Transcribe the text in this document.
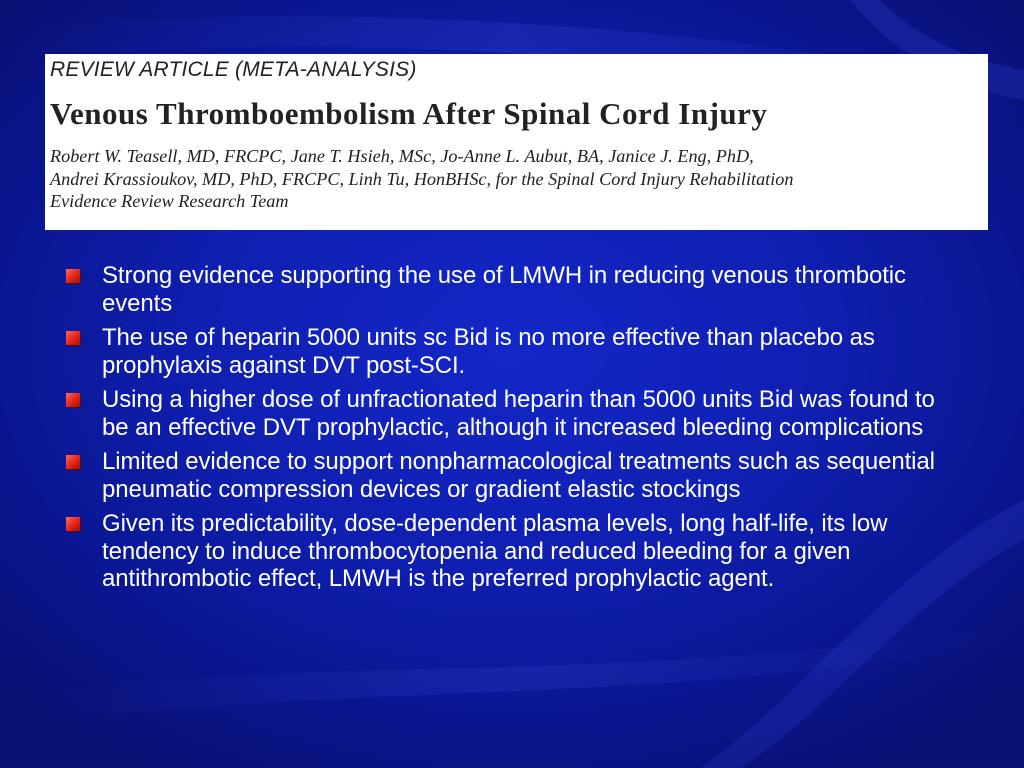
REVIEW ARTICLE (META-ANALYSIS)
Venous Thromboembolism After Spinal Cord Injury
Robert W. Teasell, MD, FRCPC, Jane T. Hsieh, MSc, Jo-Anne L. Aubut, BA, Janice J. Eng, PhD,
Andrei Krassioukov, MD, PhD, FRCPC, Linh Tu, HonBHSc, for the Spinal Cord Injury Rehabilitation
Evidence Review Research Team
Strong evidence supporting the use of LMWH in reducing venous thrombotic events
The use of heparin 5000 units sc Bid is no more effective than placebo as prophylaxis against DVT post-SCI.
Using a higher dose of unfractionated heparin than 5000 units Bid was found to be an effective DVT prophylactic, although it increased bleeding complications
Limited evidence to support nonpharmacological treatments such as sequential pneumatic compression devices or gradient elastic stockings
Given its predictability, dose-dependent plasma levels, long half-life, its low tendency to induce thrombocytopenia and reduced bleeding for a given antithrombotic effect, LMWH is the preferred prophylactic agent.
